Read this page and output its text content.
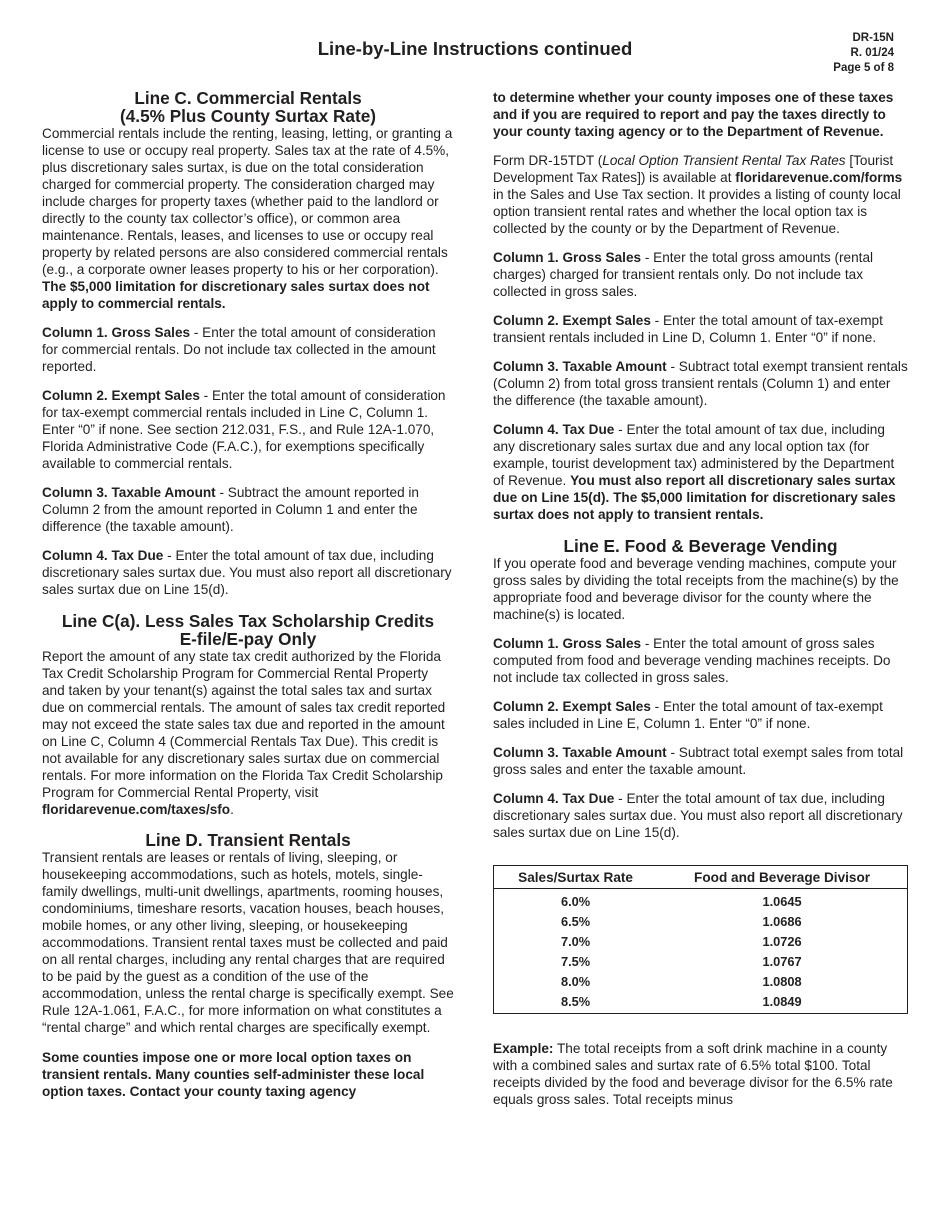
Line-by-Line Instructions continued	DR-15N
R. 01/24
Page 5 of 8
Line C. Commercial Rentals
(4.5% Plus County Surtax Rate)

Commercial rentals include the renting, leasing, letting, or granting a license to use or occupy real property. Sales tax at the rate of 4.5%, plus discretionary sales surtax, is due on the total consideration charged for commercial property. The consideration charged may include charges for property taxes (whether paid to the landlord or directly to the county tax collector’s office), or common area maintenance. Rentals, leases, and licenses to use or occupy real property by related persons are also considered commercial rentals (e.g., a corporate owner leases property to his or her corporation). The $5,000 limitation for discretionary sales surtax does not apply to commercial rentals.

Column 1. Gross Sales - Enter the total amount of consideration for commercial rentals. Do not include tax collected in the amount reported.

Column 2. Exempt Sales - Enter the total amount of consideration for tax-exempt commercial rentals included in Line C, Column 1. Enter “0” if none. See section 212.031, F.S., and Rule 12A-1.070, Florida Administrative Code (F.A.C.), for exemptions specifically available to commercial rentals.

Column 3. Taxable Amount - Subtract the amount reported in Column 2 from the amount reported in Column 1 and enter the difference (the taxable amount).

Column 4. Tax Due - Enter the total amount of tax due, including discretionary sales surtax due. You must also report all discretionary sales surtax due on Line 15(d).

Line C(a). Less Sales Tax Scholarship Credits
E-file/E-pay Only

Report the amount of any state tax credit authorized by the Florida Tax Credit Scholarship Program for Commercial Rental Property and taken by your tenant(s) against the total sales tax and surtax due on commercial rentals. The amount of sales tax credit reported may not exceed the state sales tax due and reported in the amount on Line C, Column 4 (Commercial Rentals Tax Due). This credit is not available for any discretionary sales surtax due on commercial rentals. For more information on the Florida Tax Credit Scholarship Program for Commercial Rental Property, visit floridarevenue.com/taxes/sfo.

Line D. Transient Rentals

Transient rentals are leases or rentals of living, sleeping, or housekeeping accommodations, such as hotels, motels, single-family dwellings, multi-unit dwellings, apartments, rooming houses, condominiums, timeshare resorts, vacation houses, beach houses, mobile homes, or any other living, sleeping, or housekeeping accommodations. Transient rental taxes must be collected and paid on all rental charges, including any rental charges that are required to be paid by the guest as a condition of the use of the accommodation, unless the rental charge is specifically exempt. See Rule 12A-1.061, F.A.C., for more information on what constitutes a “rental charge” and which rental charges are specifically exempt.

Some counties impose one or more local option taxes on transient rentals. Many counties self-administer these local option taxes. Contact your county taxing agency

to determine whether your county imposes one of these taxes and if you are required to report and pay the taxes directly to your county taxing agency or to the Department of Revenue.

Form DR-15TDT (Local Option Transient Rental Tax Rates [Tourist Development Tax Rates]) is available at floridarevenue.com/forms in the Sales and Use Tax section. It provides a listing of county local option transient rental rates and whether the local option tax is collected by the county or by the Department of Revenue.

Column 1. Gross Sales - Enter the total gross amounts (rental charges) charged for transient rentals only. Do not include tax collected in gross sales.

Column 2. Exempt Sales - Enter the total amount of tax-exempt transient rentals included in Line D, Column 1. Enter “0” if none.

Column 3. Taxable Amount - Subtract total exempt transient rentals (Column 2) from total gross transient rentals (Column 1) and enter the difference (the taxable amount).

Column 4. Tax Due - Enter the total amount of tax due, including any discretionary sales surtax due and any local option tax (for example, tourist development tax) administered by the Department of Revenue. You must also report all discretionary sales surtax due on Line 15(d). The $5,000 limitation for discretionary sales surtax does not apply to transient rentals.

Line E. Food & Beverage Vending

If you operate food and beverage vending machines, compute your gross sales by dividing the total receipts from the machine(s) by the appropriate food and beverage divisor for the county where the machine(s) is located.

Column 1. Gross Sales - Enter the total amount of gross sales computed from food and beverage vending machines receipts. Do not include tax collected in gross sales.

Column 2. Exempt Sales - Enter the total amount of tax-exempt sales included in Line E, Column 1. Enter “0” if none.

Column 3. Taxable Amount - Subtract total exempt sales from total gross sales and enter the taxable amount.

Column 4. Tax Due - Enter the total amount of tax due, including discretionary sales surtax due. You must also report all discretionary sales surtax due on Line 15(d).

Sales/Surtax Rate	Food and Beverage Divisor
6.0%	1.0645
6.5%	1.0686
7.0%	1.0726
7.5%	1.0767
8.0%	1.0808
8.5%	1.0849

Example: The total receipts from a soft drink machine in a county with a combined sales and surtax rate of 6.5% total $100. Total receipts divided by the food and beverage divisor for the 6.5% rate equals gross sales. Total receipts minus
